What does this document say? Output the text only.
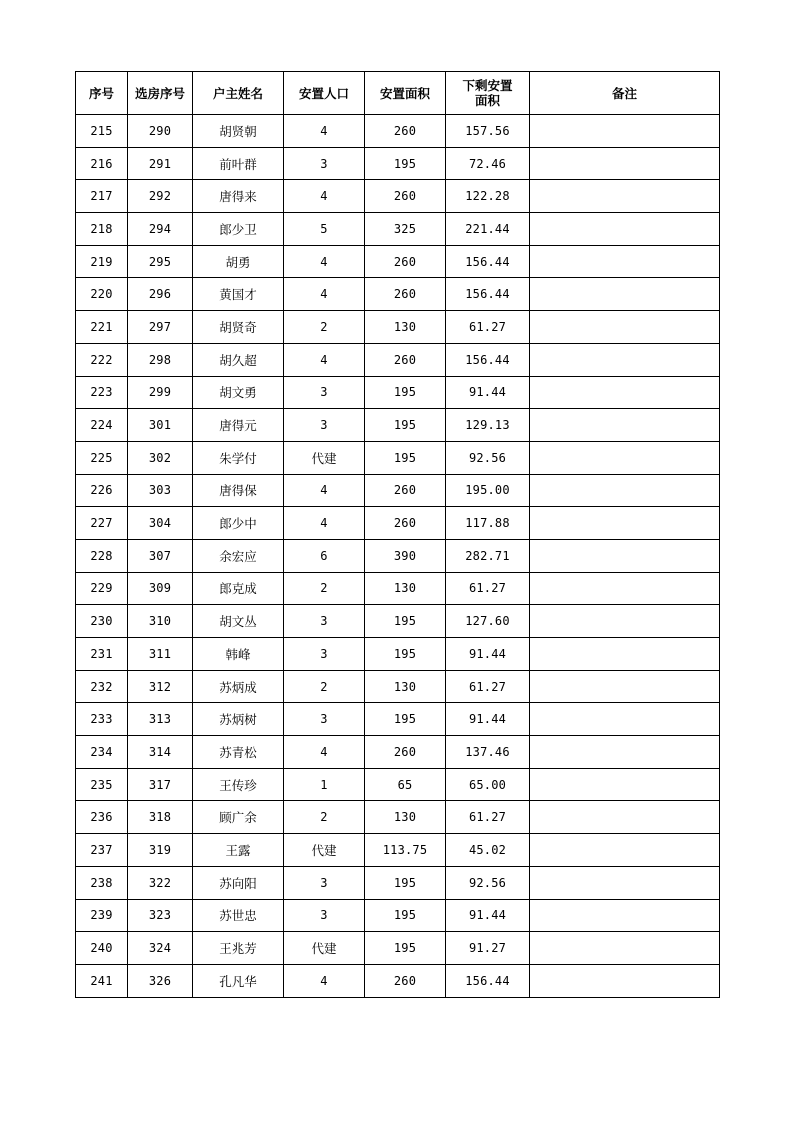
序号	选房序号	户主姓名	安置人口	安置面积	下剩安置面积	备注
215	290	胡贤朝	4	260	157.56	
216	291	前叶群	3	195	72.46	
217	292	唐得来	4	260	122.28	
218	294	郎少卫	5	325	221.44	
219	295	胡勇	4	260	156.44	
220	296	黄国才	4	260	156.44	
221	297	胡贤奇	2	130	61.27	
222	298	胡久超	4	260	156.44	
223	299	胡文勇	3	195	91.44	
224	301	唐得元	3	195	129.13	
225	302	朱学付	代建	195	92.56	
226	303	唐得保	4	260	195.00	
227	304	郎少中	4	260	117.88	
228	307	余宏应	6	390	282.71	
229	309	郎克成	2	130	61.27	
230	310	胡文丛	3	195	127.60	
231	311	韩峰	3	195	91.44	
232	312	苏炳成	2	130	61.27	
233	313	苏炳树	3	195	91.44	
234	314	苏青松	4	260	137.46	
235	317	王传珍	1	65	65.00	
236	318	顾广余	2	130	61.27	
237	319	王露	代建	113.75	45.02	
238	322	苏向阳	3	195	92.56	
239	323	苏世忠	3	195	91.44	
240	324	王兆芳	代建	195	91.27	
241	326	孔凡华	4	260	156.44	
